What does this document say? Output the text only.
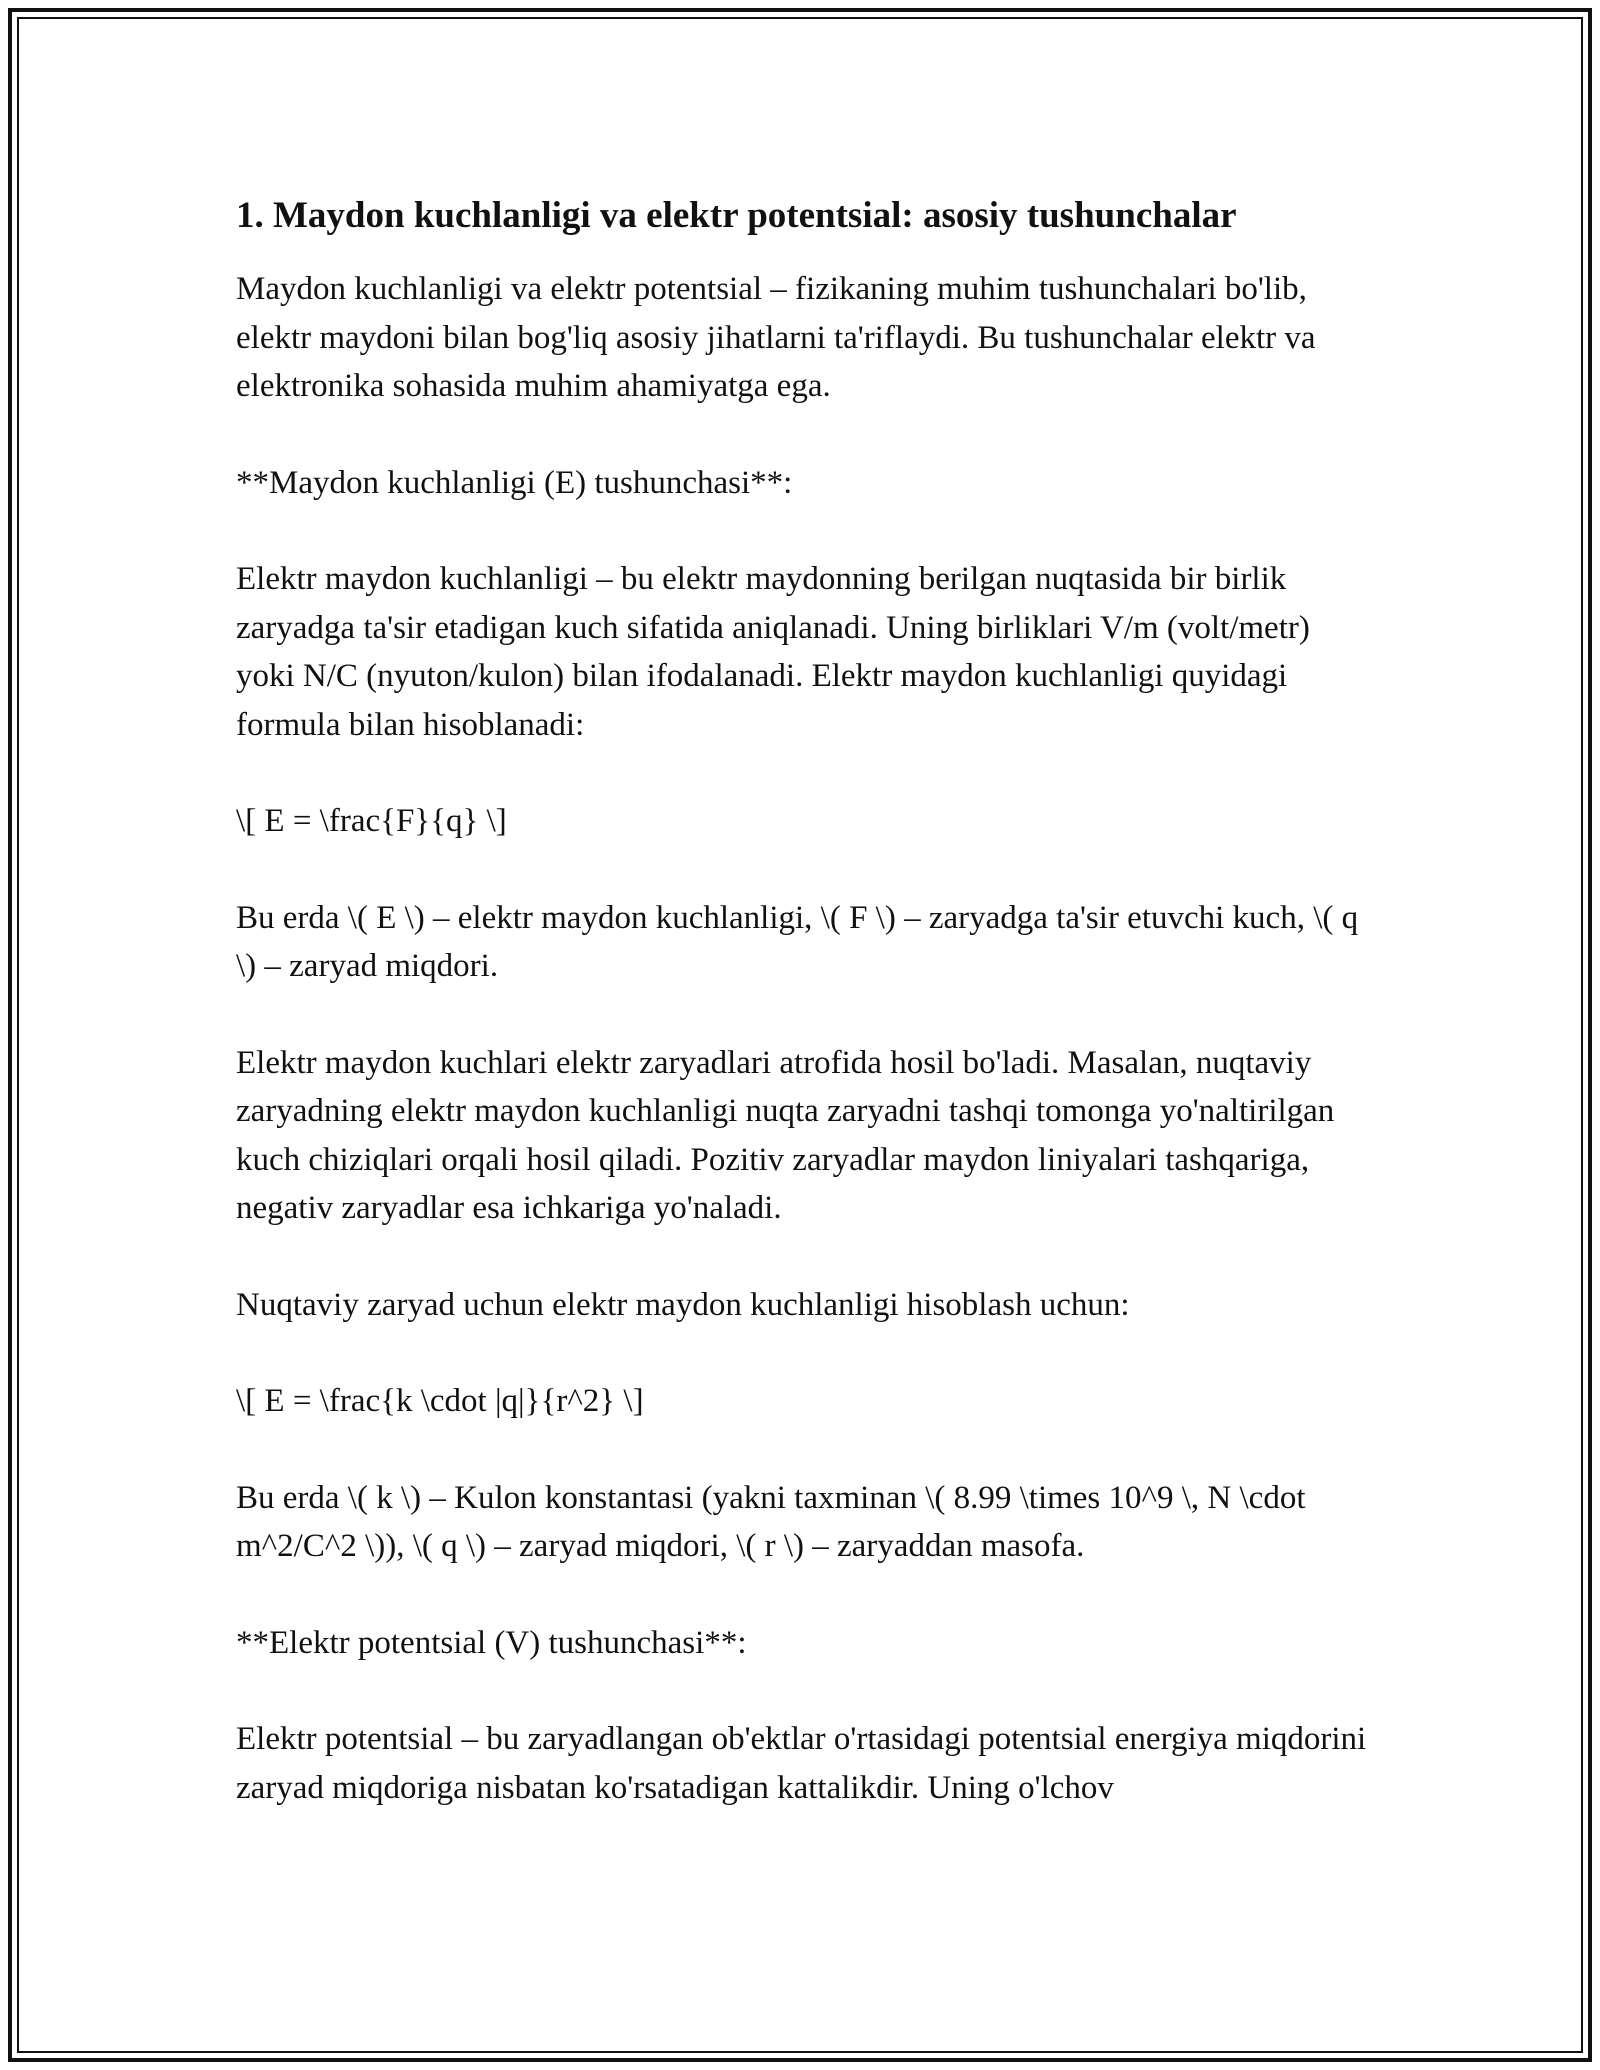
1. Maydon kuchlanligi va elektr potentsial: asosiy tushunchalar

Maydon kuchlanligi va elektr potentsial – fizikaning muhim tushunchalari bo'lib, elektr maydoni bilan bog'liq asosiy jihatlarni ta'riflaydi. Bu tushunchalar elektr va elektronika sohasida muhim ahamiyatga ega.

**Maydon kuchlanligi (E) tushunchasi**:

Elektr maydon kuchlanligi – bu elektr maydonning berilgan nuqtasida bir birlik zaryadga ta'sir etadigan kuch sifatida aniqlanadi. Uning birliklari V/m (volt/metr) yoki N/C (nyuton/kulon) bilan ifodalanadi. Elektr maydon kuchlanligi quyidagi formula bilan hisoblanadi:

\[ E = \frac{F}{q} \]

Bu erda \( E \) – elektr maydon kuchlanligi, \( F \) – zaryadga ta'sir etuvchi kuch, \( q \) – zaryad miqdori.

Elektr maydon kuchlari elektr zaryadlari atrofida hosil bo'ladi. Masalan, nuqtaviy zaryadning elektr maydon kuchlanligi nuqta zaryadni tashqi tomonga yo'naltirilgan kuch chiziqlari orqali hosil qiladi. Pozitiv zaryadlar maydon liniyalari tashqariga, negativ zaryadlar esa ichkariga yo'naladi.

Nuqtaviy zaryad uchun elektr maydon kuchlanligi hisoblash uchun:

\[ E = \frac{k \cdot |q|}{r^2} \]

Bu erda \( k \) – Kulon konstantasi (yakni taxminan \( 8.99 \times 10^9 \, N \cdot m^2/C^2 \)), \( q \) – zaryad miqdori, \( r \) – zaryaddan masofa.

**Elektr potentsial (V) tushunchasi**:

Elektr potentsial – bu zaryadlangan ob'ektlar o'rtasidagi potentsial energiya miqdorini zaryad miqdoriga nisbatan ko'rsatadigan kattalikdir. Uning o'lchov
